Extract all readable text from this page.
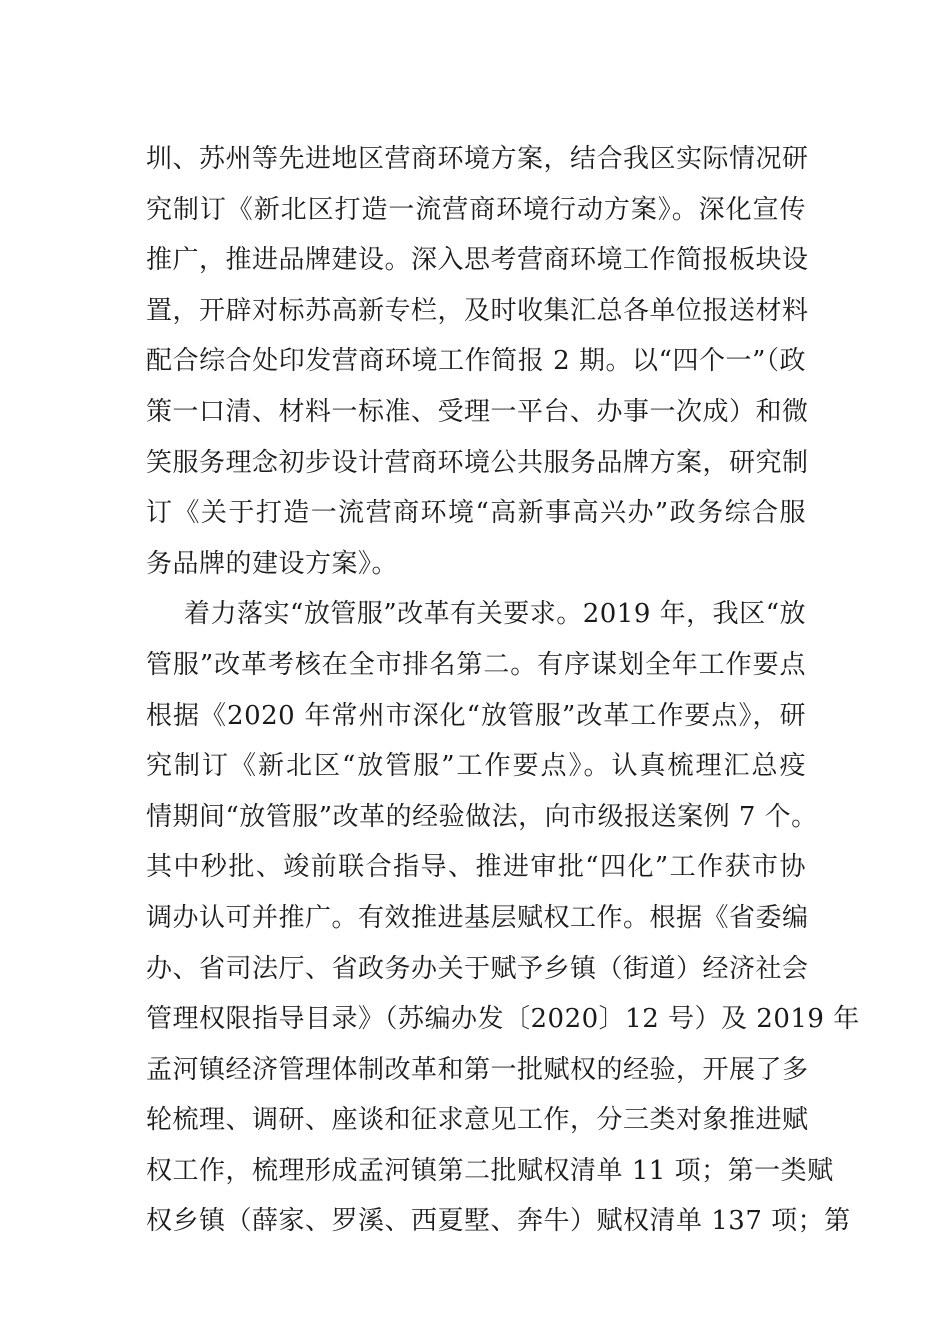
圳、苏州等先进地区营商环境方案，结合我区实际情况研
究制订《新北区打造一流营商环境行动方案》。深化宣传
推广，推进品牌建设。深入思考营商环境工作简报板块设
置，开辟对标苏高新专栏，及时收集汇总各单位报送材料
配合综合处印发营商环境工作简报 2 期。以“四个一”（政
策一口清、材料一标准、受理一平台、办事一次成）和微
笑服务理念初步设计营商环境公共服务品牌方案，研究制
订《关于打造一流营商环境“高新事高兴办”政务综合服
务品牌的建设方案》。
着力落实“放管服”改革有关要求。2019 年，我区“放
管服”改革考核在全市排名第二。有序谋划全年工作要点
根据《2020 年常州市深化“放管服”改革工作要点》，研
究制订《新北区“放管服”工作要点》。认真梳理汇总疫
情期间“放管服”改革的经验做法，向市级报送案例 7 个。
其中秒批、竣前联合指导、推进审批“四化”工作获市协
调办认可并推广。有效推进基层赋权工作。根据《省委编
办、省司法厅、省政务办关于赋予乡镇（街道）经济社会
管理权限指导目录》（苏编办发〔2020〕12 号）及 2019 年
孟河镇经济管理体制改革和第一批赋权的经验，开展了多
轮梳理、调研、座谈和征求意见工作，分三类对象推进赋
权工作，梳理形成孟河镇第二批赋权清单 11 项；第一类赋
权乡镇（薛家、罗溪、西夏墅、奔牛）赋权清单 137 项；第
